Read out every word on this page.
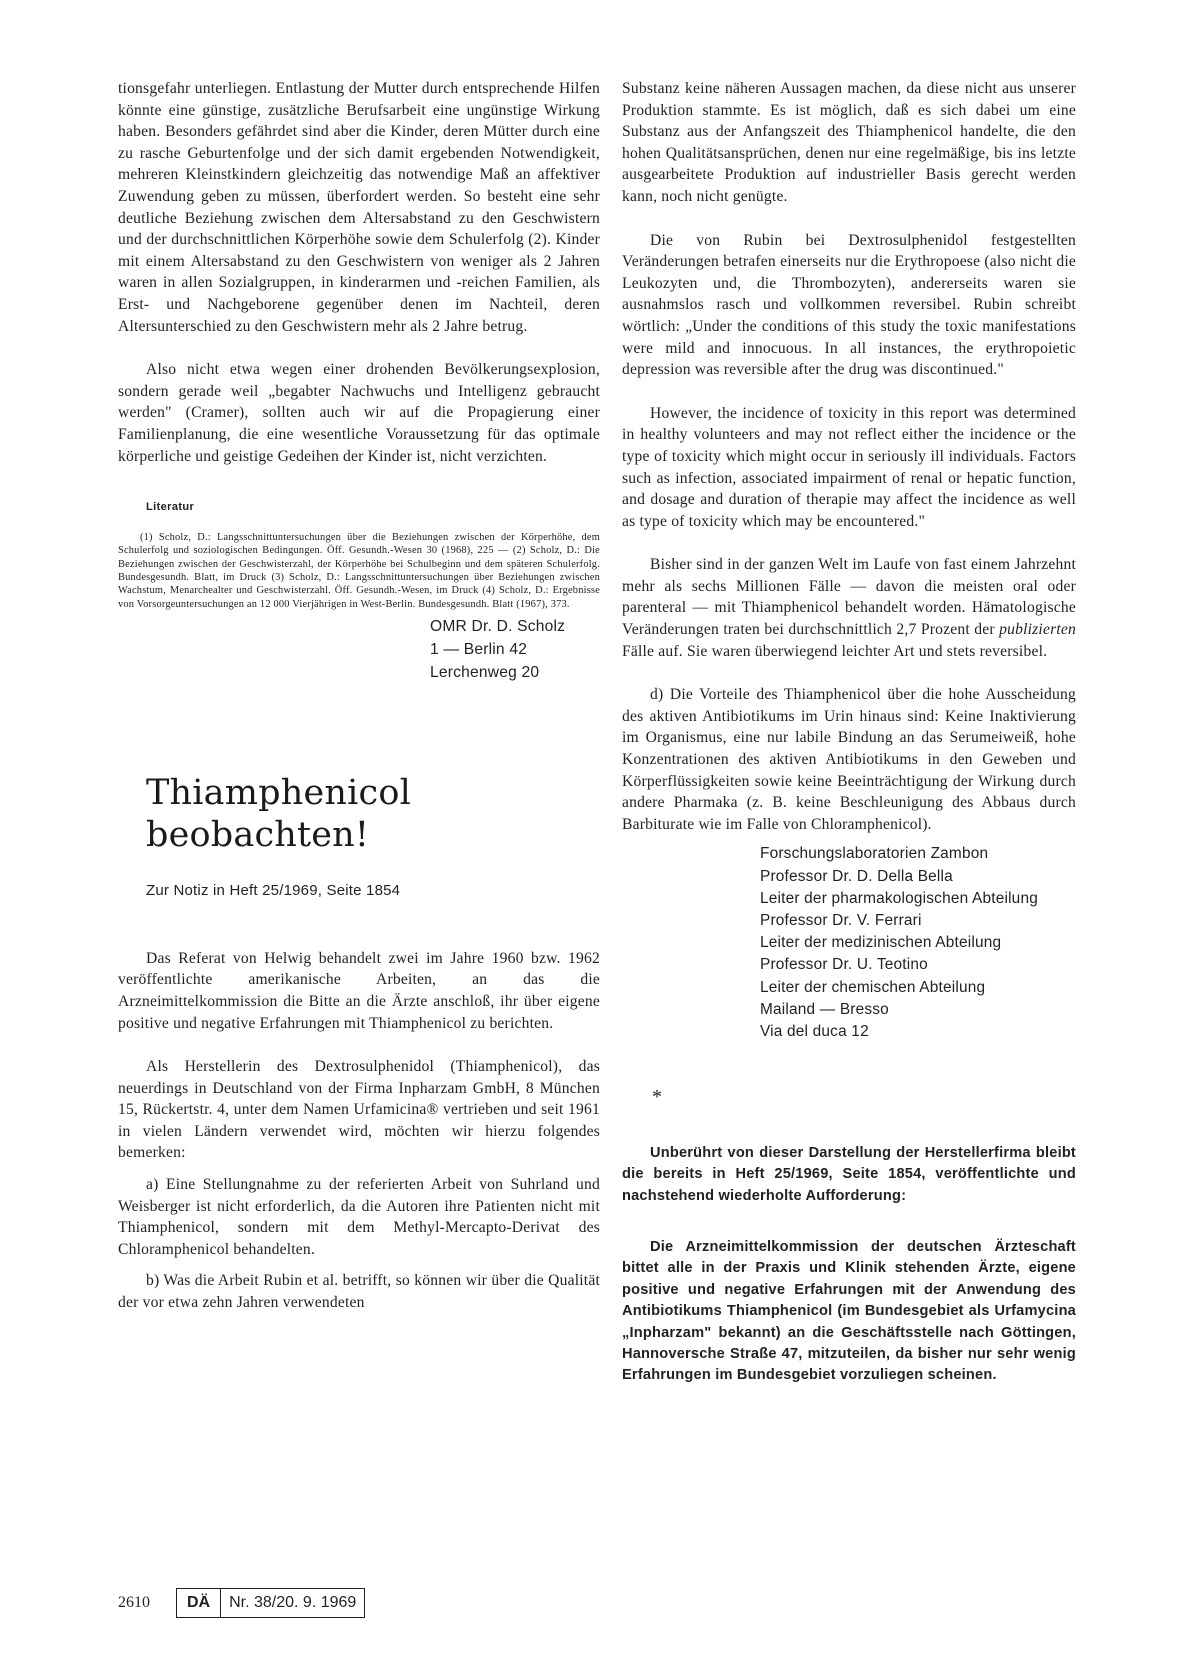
tionsgefahr unterliegen. Entlastung der Mutter durch entsprechende Hilfen könnte eine günstige, zusätzliche Berufsarbeit eine ungünstige Wirkung haben. Besonders gefährdet sind aber die Kinder, deren Mütter durch eine zu rasche Geburtenfolge und der sich damit ergebenden Notwendigkeit, mehreren Kleinstkindern gleichzeitig das notwendige Maß an affektiver Zuwendung geben zu müssen, überfordert werden. So besteht eine sehr deutliche Beziehung zwischen dem Altersabstand zu den Geschwistern und der durchschnittlichen Körperhöhe sowie dem Schulerfolg (2). Kinder mit einem Altersabstand zu den Geschwistern von weniger als 2 Jahren waren in allen Sozialgruppen, in kinderarmen und -reichen Familien, als Erst- und Nachgeborene gegenüber denen im Nachteil, deren Altersunterschied zu den Geschwistern mehr als 2 Jahre betrug.

Also nicht etwa wegen einer drohenden Bevölkerungsexplosion, sondern gerade weil „begabter Nachwuchs und Intelligenz gebraucht werden" (Cramer), sollten auch wir auf die Propagierung einer Familienplanung, die eine wesentliche Voraussetzung für das optimale körperliche und geistige Gedeihen der Kinder ist, nicht verzichten.

Literatur

(1) Scholz, D.: Langsschnittuntersuchungen über die Beziehungen zwischen der Körperhöhe, dem Schulerfolg und soziologischen Bedingungen. Öff. Gesundh.-Wesen 30 (1968), 225 — (2) Scholz, D.: Die Beziehungen zwischen der Geschwisterzahl, der Körperhöhe bei Schulbeginn und dem späteren Schulerfolg. Bundesgesundh. Blatt, im Druck (3) Scholz, D.: Langsschnittuntersuchungen über Beziehungen zwischen Wachstum, Menarchealter und Geschwisterzahl. Öff. Gesundh.-Wesen, im Druck (4) Scholz, D.: Ergebnisse von Vorsorgeuntersuchungen an 12 000 Vierjährigen in West-Berlin. Bundesgesundh. Blatt (1967), 373.

OMR Dr. D. Scholz
1 — Berlin 42
Lerchenweg 20
Thiamphenicol beobachten!
Zur Notiz in Heft 25/1969, Seite 1854

Das Referat von Helwig behandelt zwei im Jahre 1960 bzw. 1962 veröffentlichte amerikanische Arbeiten, an das die Arzneimittelkommission die Bitte an die Ärzte anschloß, ihr über eigene positive und negative Erfahrungen mit Thiamphenicol zu berichten.

Als Herstellerin des Dextrosulphenidol (Thiamphenicol), das neuerdings in Deutschland von der Firma Inpharzam GmbH, 8 München 15, Rückertstr. 4, unter dem Namen Urfamicina® vertrieben und seit 1961 in vielen Ländern verwendet wird, möchten wir hierzu folgendes bemerken:

a) Eine Stellungnahme zu der referierten Arbeit von Suhrland und Weisberger ist nicht erforderlich, da die Autoren ihre Patienten nicht mit Thiamphenicol, sondern mit dem Methyl-Mercapto-Derivat des Chloramphenicol behandelten.

b) Was die Arbeit Rubin et al. betrifft, so können wir über die Qualität der vor etwa zehn Jahren verwendeten

Substanz keine näheren Aussagen machen, da diese nicht aus unserer Produktion stammte. Es ist möglich, daß es sich dabei um eine Substanz aus der Anfangszeit des Thiamphenicol handelte, die den hohen Qualitätsansprüchen, denen nur eine regelmäßige, bis ins letzte ausgearbeitete Produktion auf industrieller Basis gerecht werden kann, noch nicht genügte.

Die von Rubin bei Dextrosulphenidol festgestellten Veränderungen betrafen einerseits nur die Erythropoese (also nicht die Leukozyten und, die Thrombozyten), andererseits waren sie ausnahmslos rasch und vollkommen reversibel. Rubin schreibt wörtlich: „Under the conditions of this study the toxic manifestations were mild and innocuous. In all instances, the erythropoietic depression was reversible after the drug was discontinued."

However, the incidence of toxicity in this report was determined in healthy volunteers and may not reflect either the incidence or the type of toxicity which might occur in seriously ill individuals. Factors such as infection, associated impairment of renal or hepatic function, and dosage and duration of therapie may affect the incidence as well as type of toxicity which may be encountered."

Bisher sind in der ganzen Welt im Laufe von fast einem Jahrzehnt mehr als sechs Millionen Fälle — davon die meisten oral oder parenteral — mit Thiamphenicol behandelt worden. Hämatologische Veränderungen traten bei durchschnittlich 2,7 Prozent der publizierten Fälle auf. Sie waren überwiegend leichter Art und stets reversibel.

d) Die Vorteile des Thiamphenicol über die hohe Ausscheidung des aktiven Antibiotikums im Urin hinaus sind: Keine Inaktivierung im Organismus, eine nur labile Bindung an das Serumeiweiß, hohe Konzentrationen des aktiven Antibiotikums in den Geweben und Körperflüssigkeiten sowie keine Beeinträchtigung der Wirkung durch andere Pharmaka (z. B. keine Beschleunigung des Abbaus durch Barbiturate wie im Falle von Chloramphenicol).

Forschungslaboratorien Zambon
Professor Dr. D. Della Bella
Leiter der pharmakologischen Abteilung
Professor Dr. V. Ferrari
Leiter der medizinischen Abteilung
Professor Dr. U. Teotino
Leiter der chemischen Abteilung
Mailand — Bresso
Via del duca 12
*

Unberührt von dieser Darstellung der Herstellerfirma bleibt die bereits in Heft 25/1969, Seite 1854, veröffentlichte und nachstehend wiederholte Aufforderung:

Die Arzneimittelkommission der deutschen Ärzteschaft bittet alle in der Praxis und Klinik stehenden Ärzte, eigene positive und negative Erfahrungen mit der Anwendung des Antibiotikums Thiamphenicol (im Bundesgebiet als Urfamycina „Inpharzam" bekannt) an die Geschäftsstelle nach Göttingen, Hannoversche Straße 47, mitzuteilen, da bisher nur sehr wenig Erfahrungen im Bundesgebiet vorzuliegen scheinen.

2610	DÄ	Nr. 38/20. 9. 1969
